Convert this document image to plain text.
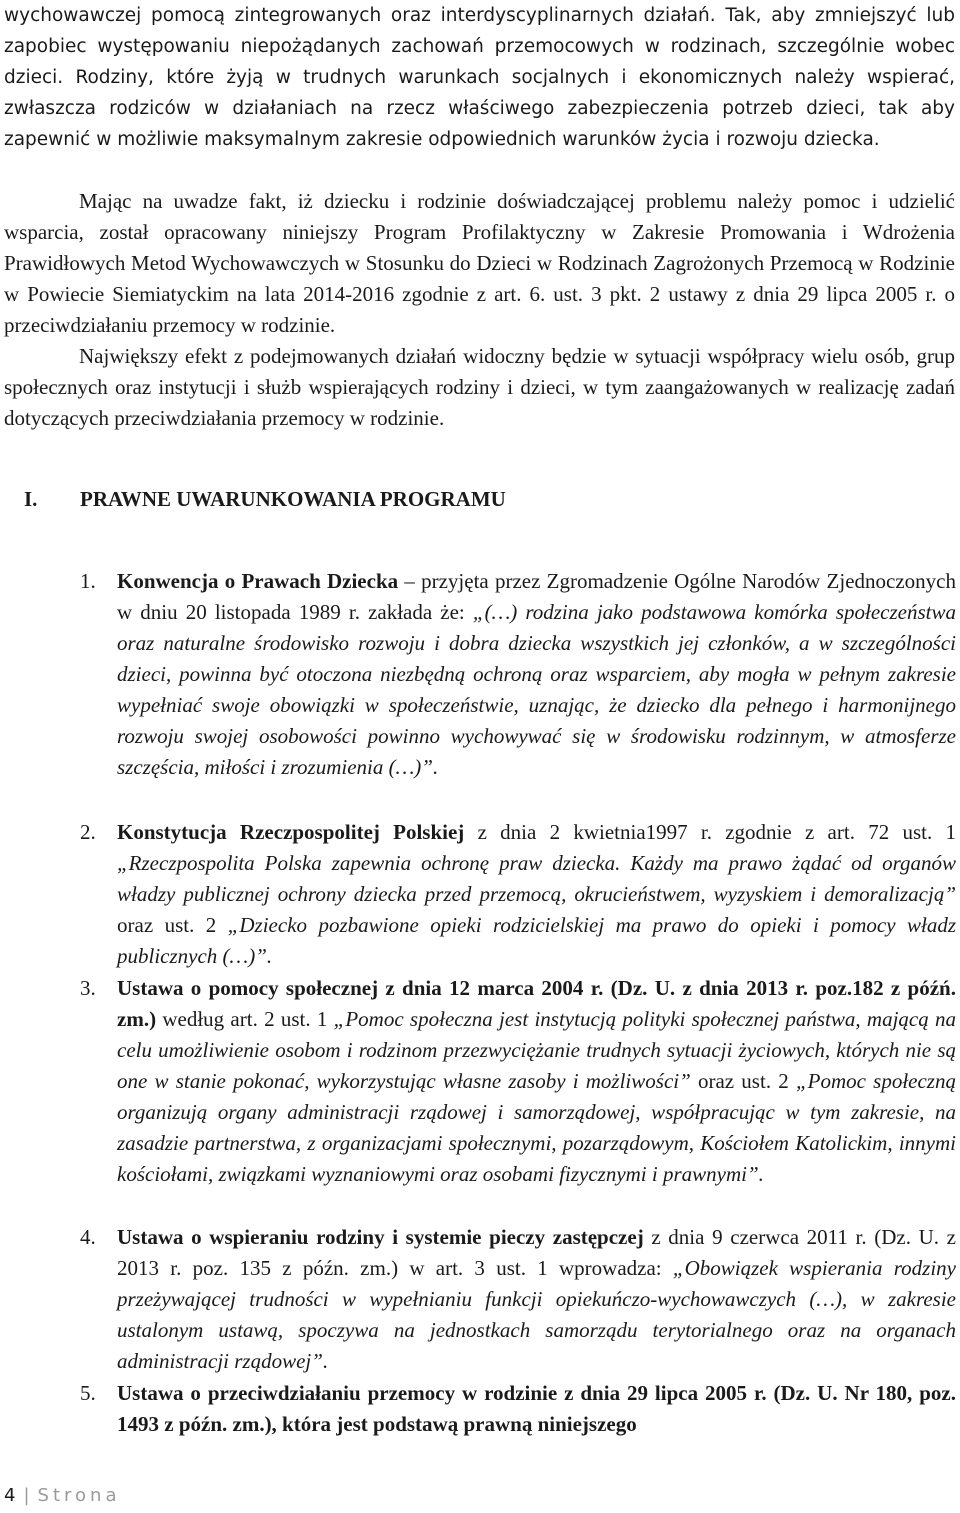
wychowawczej pomocą zintegrowanych oraz interdyscyplinarnych działań. Tak, aby zmniejszyć lub zapobiec występowaniu niepożądanych zachowań przemocowych w rodzinach, szczególnie wobec dzieci. Rodziny, które żyją w trudnych warunkach socjalnych i ekonomicznych należy wspierać, zwłaszcza rodziców w działaniach na rzecz właściwego zabezpieczenia potrzeb dzieci, tak aby zapewnić w możliwie maksymalnym zakresie odpowiednich warunków życia i rozwoju dziecka.

Mając na uwadze fakt, iż dziecku i rodzinie doświadczającej problemu należy pomoc i udzielić wsparcia, został opracowany niniejszy Program Profilaktyczny w Zakresie Promowania i Wdrożenia Prawidłowych Metod Wychowawczych w Stosunku do Dzieci w Rodzinach Zagrożonych Przemocą w Rodzinie w Powiecie Siemiatyckim na lata 2014-2016 zgodnie z art. 6. ust. 3 pkt. 2 ustawy z dnia 29 lipca 2005 r. o przeciwdziałaniu przemocy w rodzinie.

Największy efekt z podejmowanych działań widoczny będzie w sytuacji współpracy wielu osób, grup społecznych oraz instytucji i służb wspierających rodziny i dzieci, w tym zaangażowanych w realizację zadań dotyczących przeciwdziałania przemocy w rodzinie.

I. PRAWNE UWARUNKOWANIA PROGRAMU

1. Konwencja o Prawach Dziecka – przyjęta przez Zgromadzenie Ogólne Narodów Zjednoczonych w dniu 20 listopada 1989 r. zakłada że: „(…) rodzina jako podstawowa komórka społeczeństwa oraz naturalne środowisko rozwoju i dobra dziecka wszystkich jej członków, a w szczególności dzieci, powinna być otoczona niezbędną ochroną oraz wsparciem, aby mogła w pełnym zakresie wypełniać swoje obowiązki w społeczeństwie, uznając, że dziecko dla pełnego i harmonijnego rozwoju swojej osobowości powinno wychowywać się w środowisku rodzinnym, w atmosferze szczęścia, miłości i zrozumienia (…)”.
2. Konstytucja Rzeczpospolitej Polskiej z dnia 2 kwietnia1997 r. zgodnie z art. 72 ust. 1 „Rzeczpospolita Polska zapewnia ochronę praw dziecka. Każdy ma prawo żądać od organów władzy publicznej ochrony dziecka przed przemocą, okrucieństwem, wyzyskiem i demoralizacją” oraz ust. 2 „Dziecko pozbawione opieki rodzicielskiej ma prawo do opieki i pomocy władz publicznych (…)”.
3. Ustawa o pomocy społecznej z dnia 12 marca 2004 r. (Dz. U. z dnia 2013 r. poz.182 z późń. zm.) według art. 2 ust. 1 „Pomoc społeczna jest instytucją polityki społecznej państwa, mającą na celu umożliwienie osobom i rodzinom przezwyciężanie trudnych sytuacji życiowych, których nie są one w stanie pokonać, wykorzystując własne zasoby i możliwości” oraz ust. 2 „Pomoc społeczną organizują organy administracji rządowej i samorządowej, współpracując w tym zakresie, na zasadzie partnerstwa, z organizacjami społecznymi, pozarządowym, Kościołem Katolickim, innymi kościołami, związkami wyznaniowymi oraz osobami fizycznymi i prawnymi”.
4. Ustawa o wspieraniu rodziny i systemie pieczy zastępczej z dnia 9 czerwca 2011 r. (Dz. U. z 2013 r. poz. 135 z późn. zm.) w art. 3 ust. 1 wprowadza: „Obowiązek wspierania rodziny przeżywającej trudności w wypełnianiu funkcji opiekuńczo-wychowawczych (…), w zakresie ustalonym ustawą, spoczywa na jednostkach samorządu terytorialnego oraz na organach administracji rządowej”.
5. Ustawa o przeciwdziałaniu przemocy w rodzinie z dnia 29 lipca 2005 r. (Dz. U. Nr 180, poz. 1493 z późn. zm.), która jest podstawą prawną niniejszego
4 | Strona
